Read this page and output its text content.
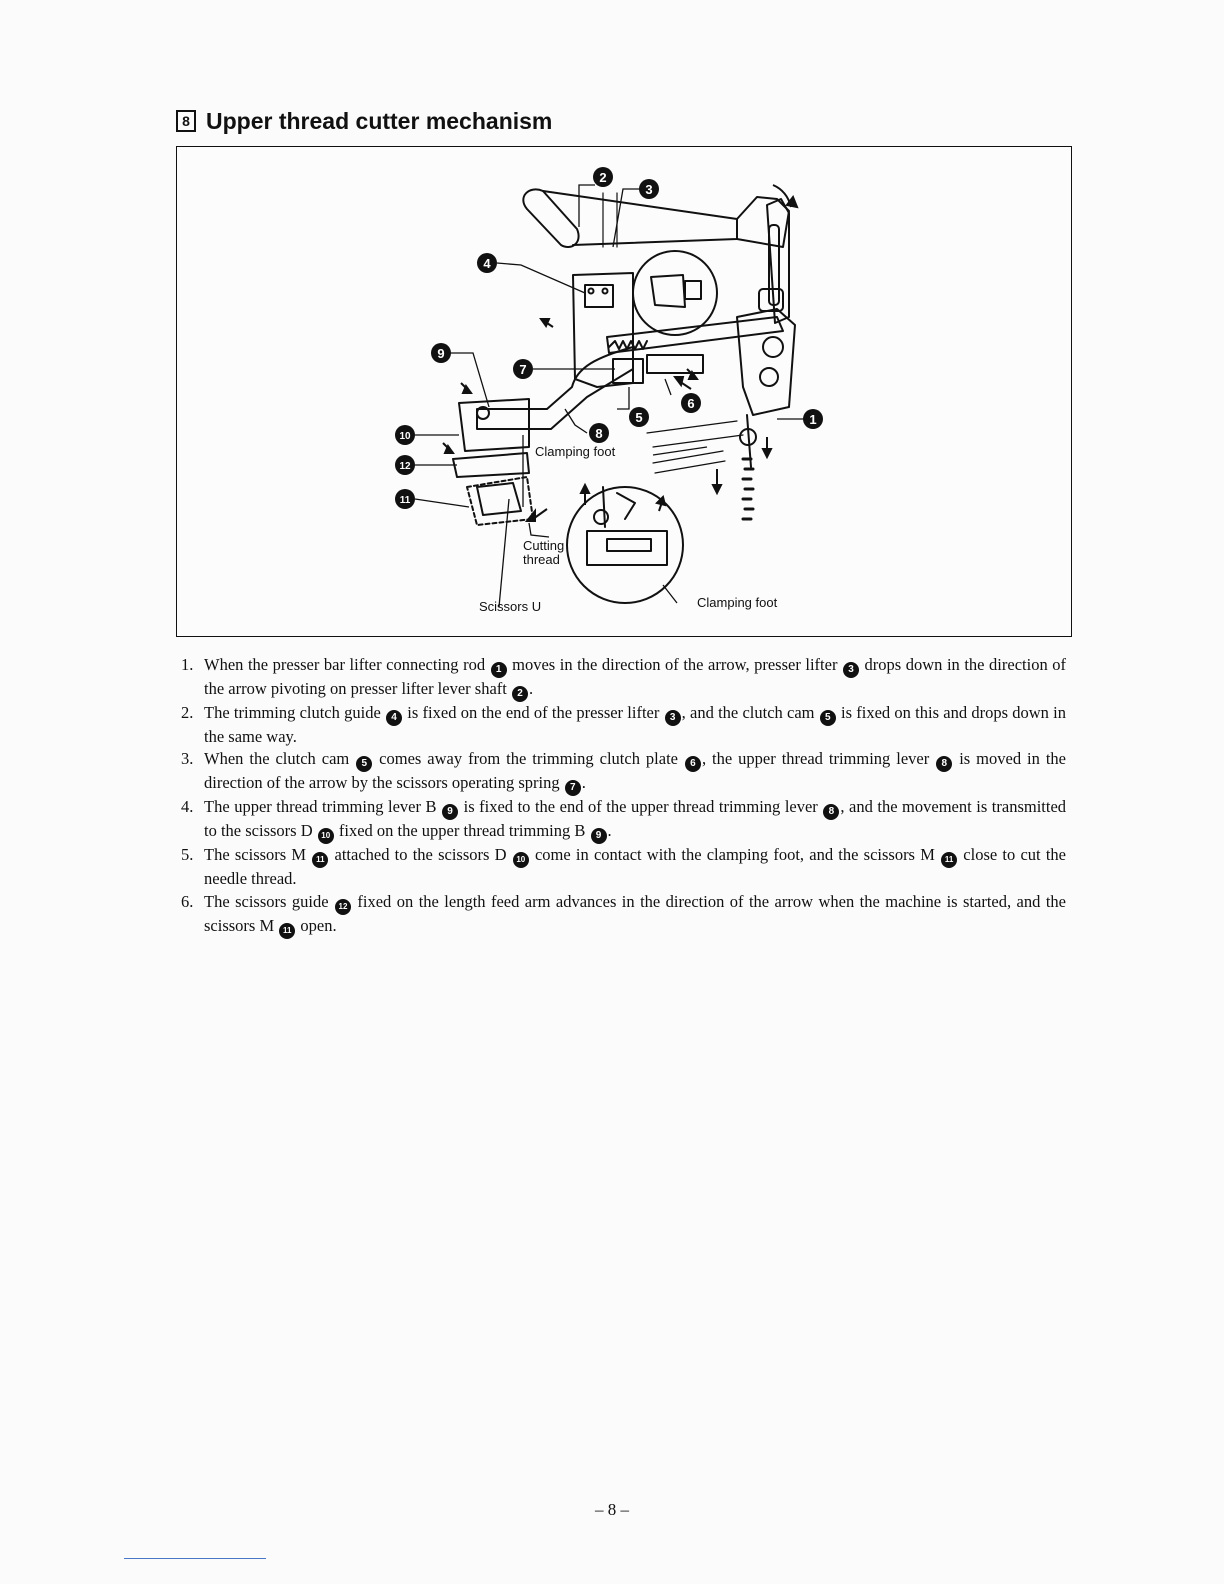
8 Upper thread cutter mechanism
2
3
4
9
7
6
5	1
8
10
12
11
Clamping foot
Cutting
thread
Scissors U	Clamping foot
1. When the presser bar lifter connecting rod 1 moves in the direction of the arrow, presser lifter 3 drops down in the direction of the arrow pivoting on presser lifter lever shaft 2 .
2. The trimming clutch guide 4 is fixed on the end of the presser lifter 3 , and the clutch cam 5 is fixed on this and drops down in the same way.
3. When the clutch cam 5 comes away from the trimming clutch plate 6 , the upper thread trimming lever 8 is moved in the direction of the arrow by the scissors operating spring 7 .
4. The upper thread trimming lever B 9 is fixed to the end of the upper thread trimming lever 8 , and the movement is transmitted to the scissors D 10 fixed on the upper thread trimming B 9 .
5. The scissors M 11 attached to the scissors D 10 come in contact with the clamping foot, and the scissors M 11 close to cut the needle thread.
6. The scissors guide 12 fixed on the length feed arm advances in the direction of the arrow when the machine is started, and the scissors M 11 open.
– 8 –
